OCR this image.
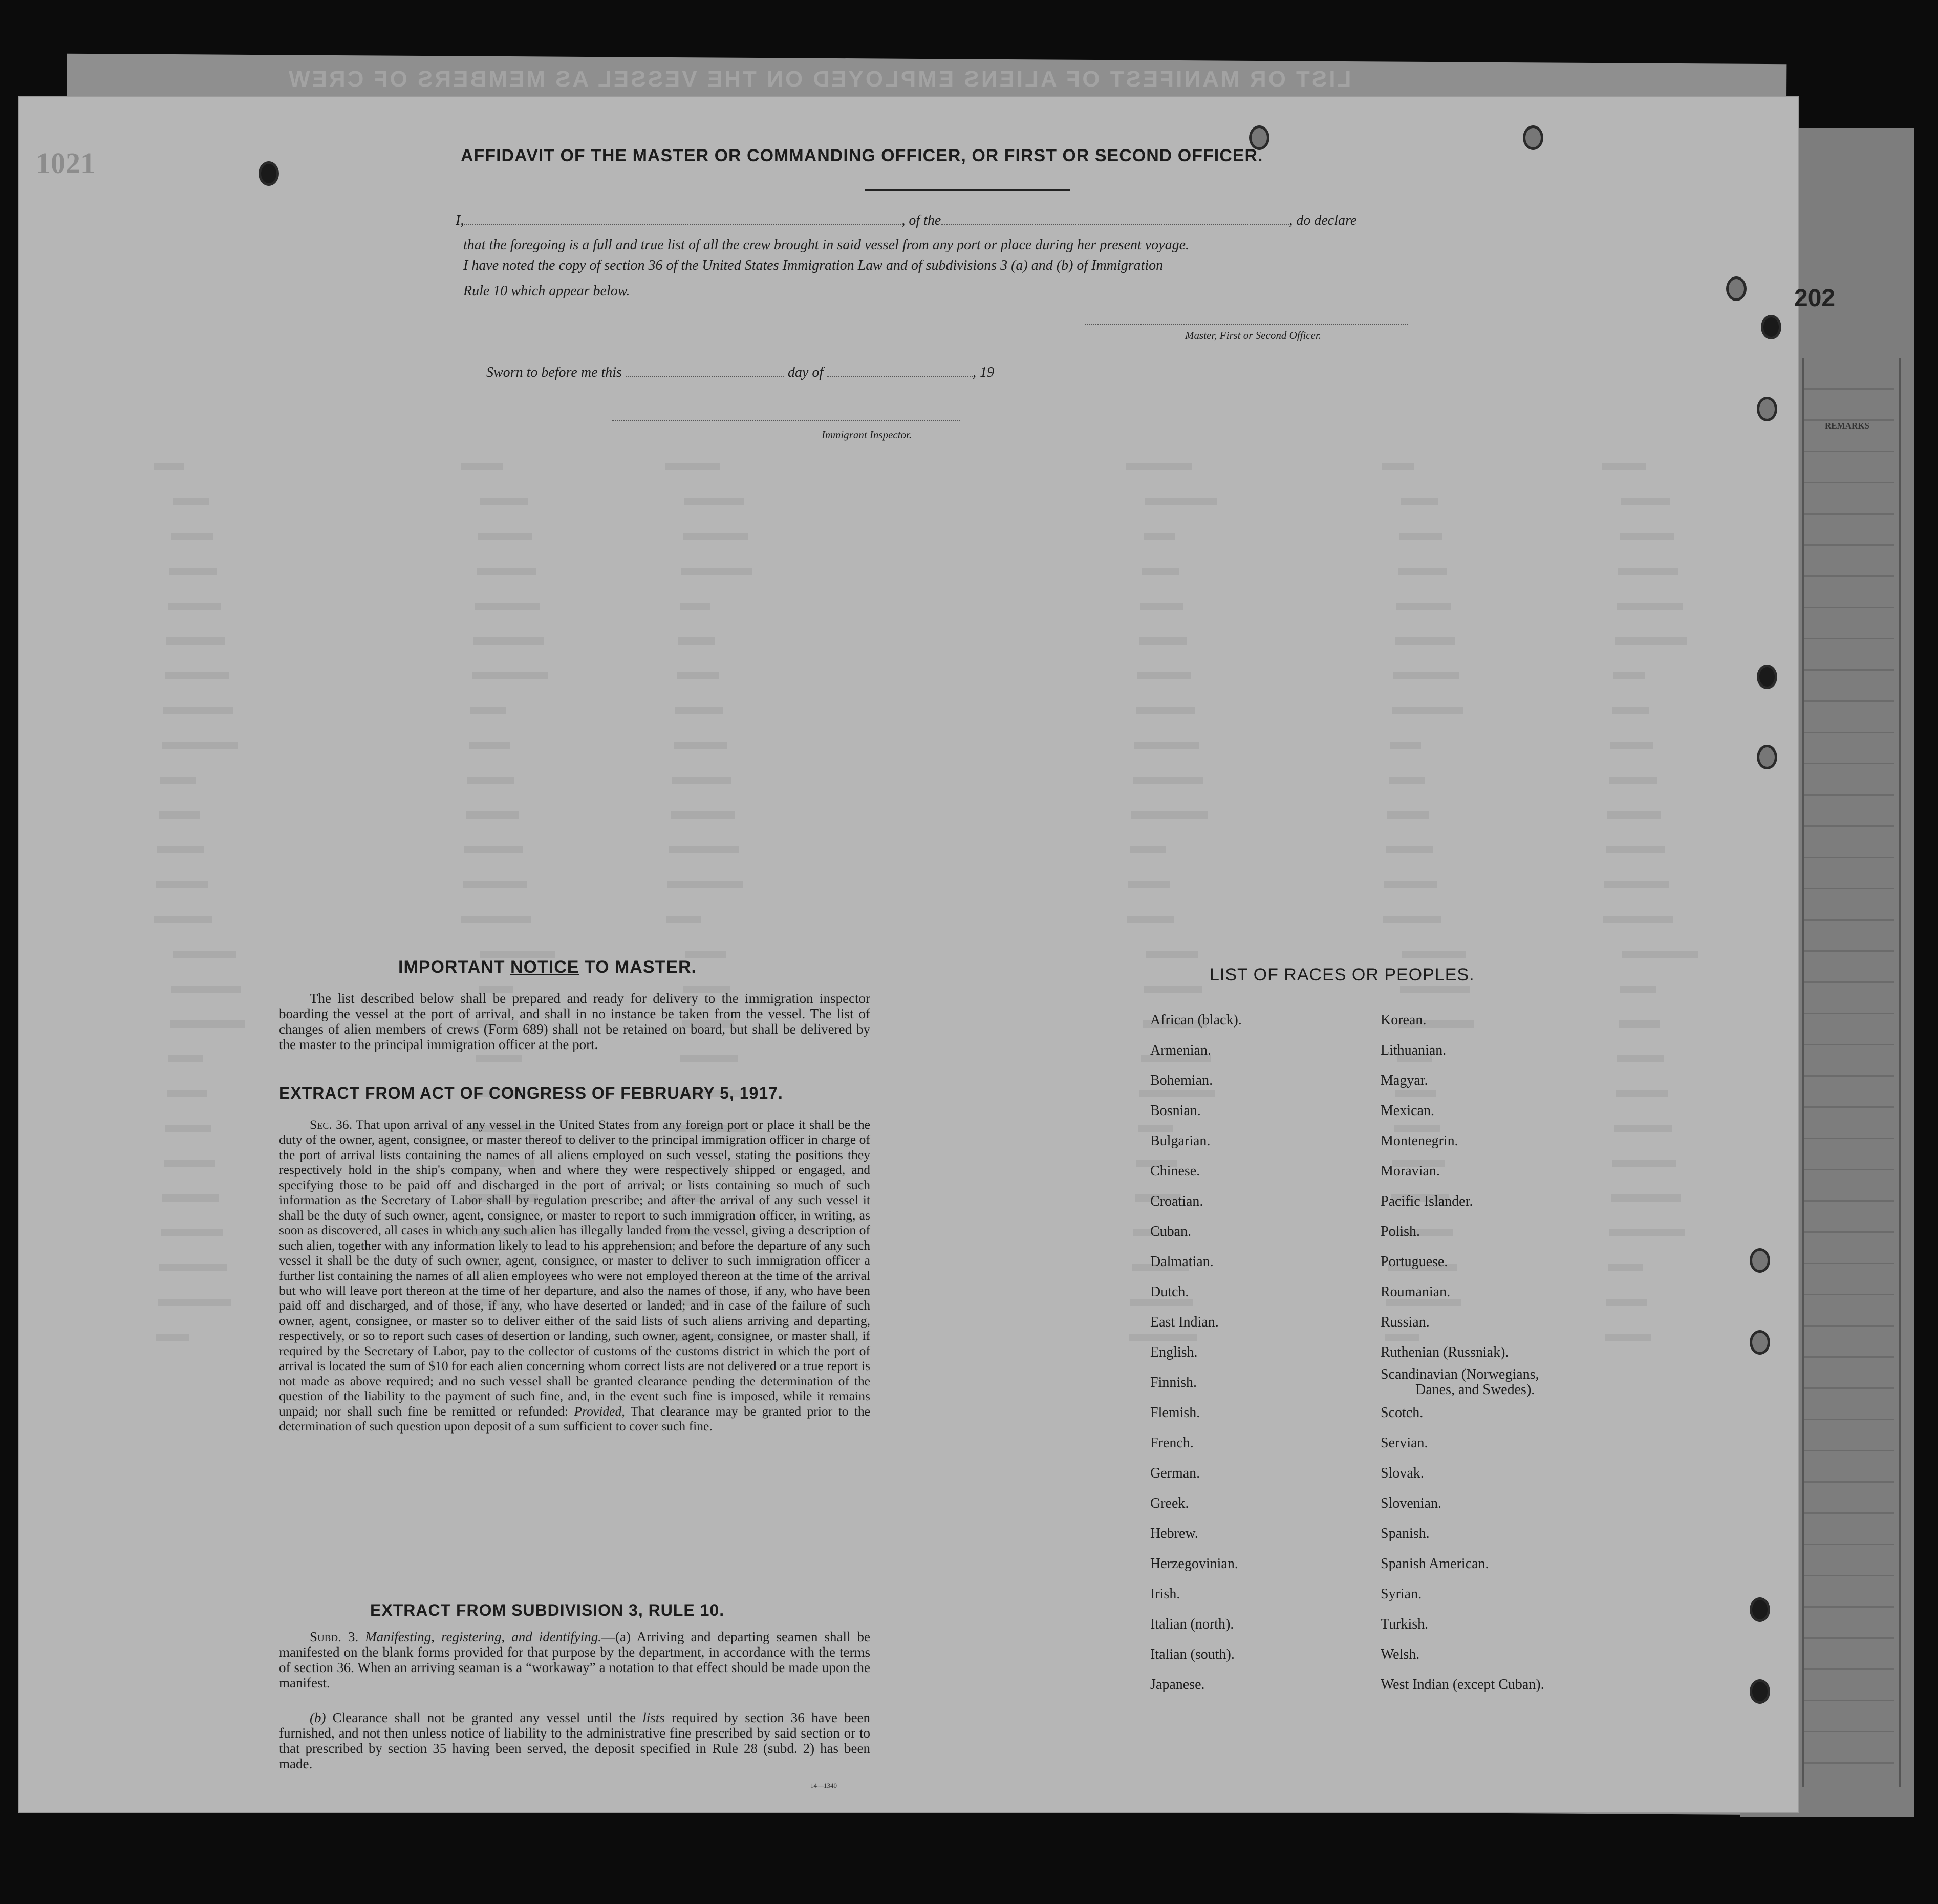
LIST OR MANIFEST OF ALIENS EMPLOYED ON THE VESSEL AS MEMBERS OF CREW
1021
202
REMARKS
AFFIDAVIT OF THE MASTER OR COMMANDING OFFICER, OR FIRST OR SECOND OFFICER.
I,	, of the	, do declare
that the foregoing is a full and true list of all the crew brought in said vessel from any port or place during her present voyage.
I have noted the copy of section 36 of the United States Immigration Law and of subdivisions 3 (a) and (b) of Immigration
Rule 10 which appear below.
Master, First or Second Officer.
Sworn to before me this	day of	, 19
Immigrant Inspector.
IMPORTANT NOTICE TO MASTER.
The list described below shall be prepared and ready for delivery to the immigration inspector boarding the vessel at the port of arrival, and shall in no instance be taken from the vessel. The list of changes of alien members of crews (Form 689) shall not be retained on board, but shall be delivered by the master to the principal immigration officer at the port.
EXTRACT FROM ACT OF CONGRESS OF FEBRUARY 5, 1917.
Sec. 36. That upon arrival of any vessel in the United States from any foreign port or place it shall be the duty of the owner, agent, consignee, or master thereof to deliver to the principal immigration officer in charge of the port of arrival lists containing the names of all aliens employed on such vessel, stating the positions they respectively hold in the ship's company, when and where they were respectively shipped or engaged, and specifying those to be paid off and discharged in the port of arrival; or lists containing so much of such information as the Secretary of Labor shall by regulation prescribe; and after the arrival of any such vessel it shall be the duty of such owner, agent, consignee, or master to report to such immigration officer, in writing, as soon as discovered, all cases in which any such alien has illegally landed from the vessel, giving a description of such alien, together with any information likely to lead to his apprehension; and before the departure of any such vessel it shall be the duty of such owner, agent, consignee, or master to deliver to such immigration officer a further list containing the names of all alien employees who were not employed thereon at the time of the arrival but who will leave port thereon at the time of her departure, and also the names of those, if any, who have been paid off and discharged, and of those, if any, who have deserted or landed; and in case of the failure of such owner, agent, consignee, or master so to deliver either of the said lists of such aliens arriving and departing, respectively, or so to report such cases of desertion or landing, such owner, agent, consignee, or master shall, if required by the Secretary of Labor, pay to the collector of customs of the customs district in which the port of arrival is located the sum of $10 for each alien concerning whom correct lists are not delivered or a true report is not made as above required; and no such vessel shall be granted clearance pending the determination of the question of the liability to the payment of such fine, and, in the event such fine is imposed, while it remains unpaid; nor shall such fine be remitted or refunded: Provided, That clearance may be granted prior to the determination of such question upon deposit of a sum sufficient to cover such fine.
EXTRACT FROM SUBDIVISION 3, RULE 10.
Subd. 3. Manifesting, registering, and identifying.—(a) Arriving and departing seamen shall be manifested on the blank forms provided for that purpose by the department, in accordance with the terms of section 36. When an arriving seaman is a “workaway” a notation to that effect should be made upon the manifest.
(b) Clearance shall not be granted any vessel until the lists required by section 36 have been furnished, and not then unless notice of liability to the administrative fine prescribed by said section or to that prescribed by section 35 having been served, the deposit specified in Rule 28 (subd. 2) has been made.
14—1340
LIST OF RACES OR PEOPLES.
African (black).
Armenian.
Bohemian.
Bosnian.
Bulgarian.
Chinese.
Croatian.
Cuban.
Dalmatian.
Dutch.
East Indian.
English.
Finnish.
Flemish.
French.
German.
Greek.
Hebrew.
Herzegovinian.
Irish.
Italian (north).
Italian (south).
Japanese.
Korean.
Lithuanian.
Magyar.
Mexican.
Montenegrin.
Moravian.
Pacific Islander.
Polish.
Portuguese.
Roumanian.
Russian.
Ruthenian (Russniak).
Scandinavian (Norwegians,
Danes, and Swedes).
Scotch.
Servian.
Slovak.
Slovenian.
Spanish.
Spanish American.
Syrian.
Turkish.
Welsh.
West Indian (except Cuban).
